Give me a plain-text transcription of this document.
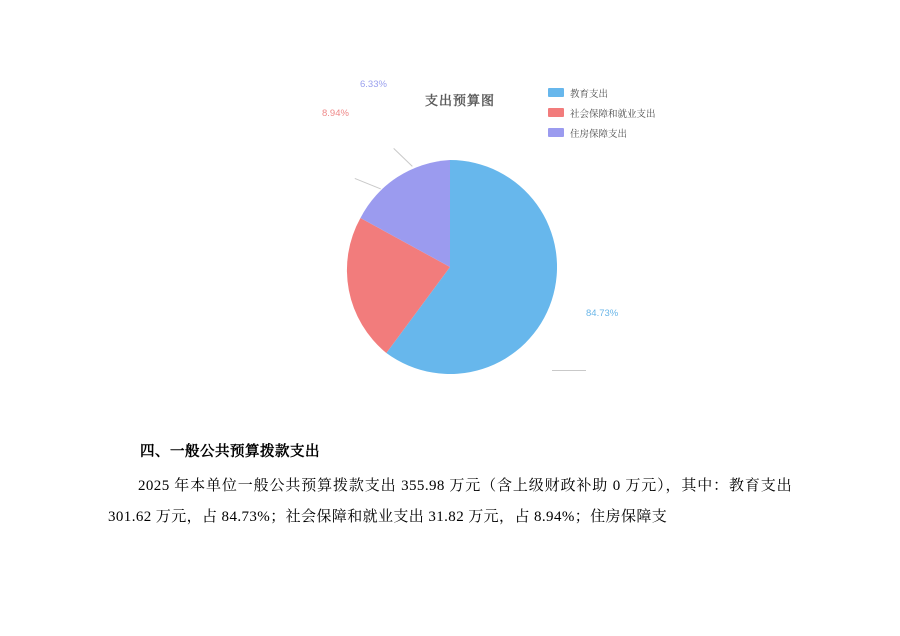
支出预算图	教育支出
社会保障和就业支出
住房保障支出
84.73%
8.94%
6.33%
四、一般公共预算拨款支出

2025 年本单位一般公共预算拨款支出 355.98 万元（含上级财政补助 0 万元），其中：教育支出 301.62 万元，占 84.73%；社会保障和就业支出 31.82 万元，占 8.94%；住房保障支
